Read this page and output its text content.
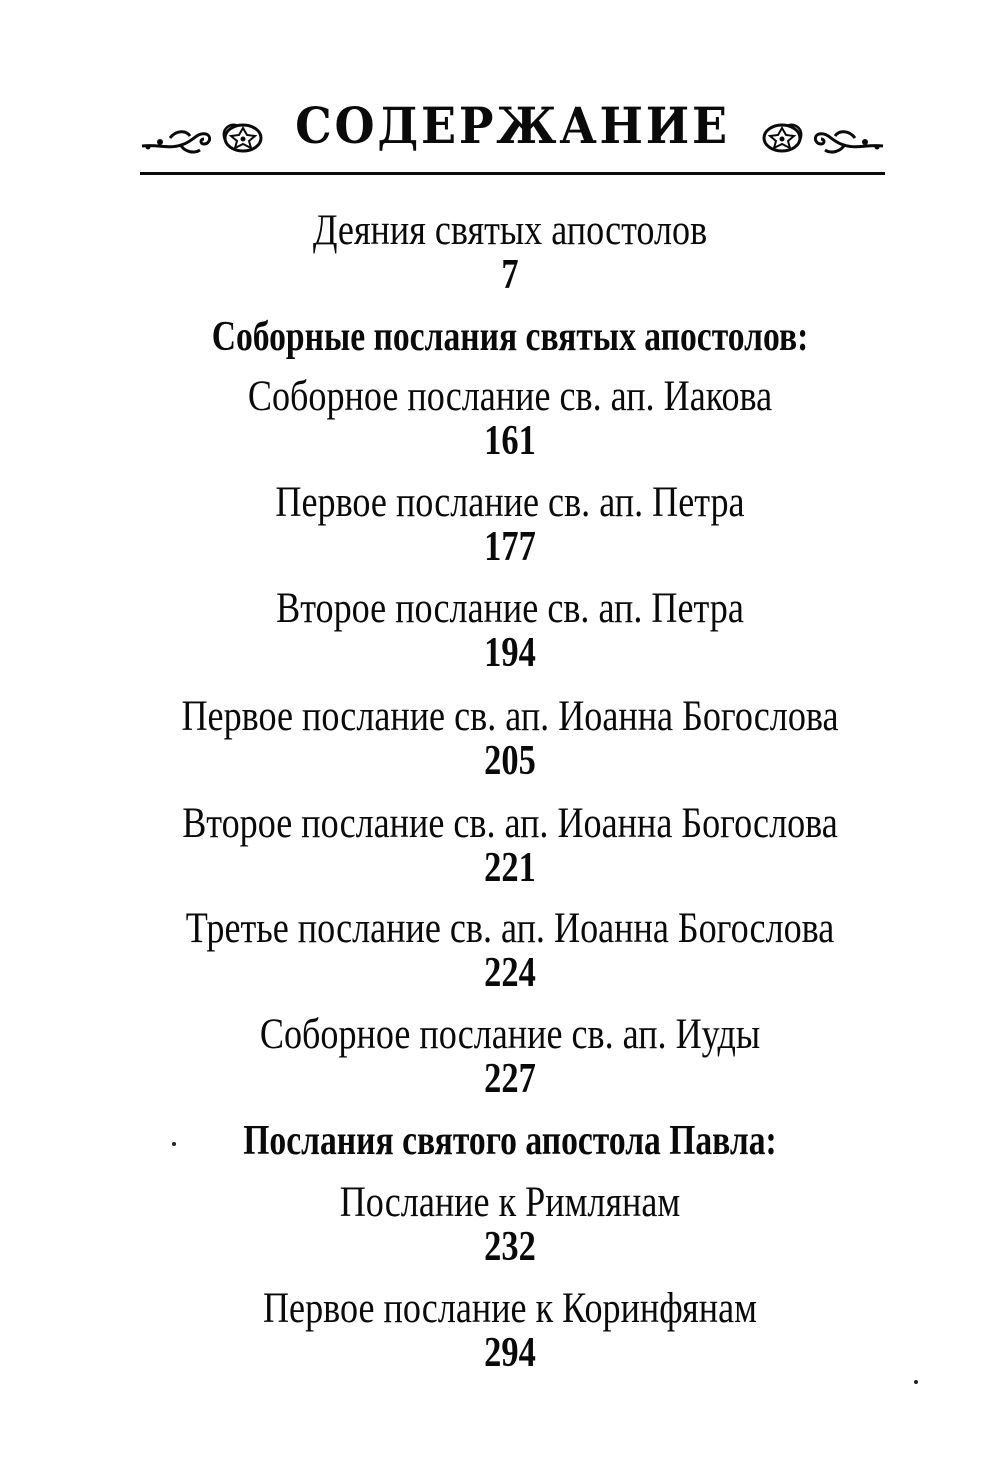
СОДЕРЖАНИЕ
Деяния святых апостолов
7
Соборные послания святых апостолов:
Соборное послание св. ап. Иакова
161
Первое послание св. ап. Петра
177
Второе послание св. ап. Петра
194
Первое послание св. ап. Иоанна Богослова
205
Второе послание св. ап. Иоанна Богослова
221
Третье послание св. ап. Иоанна Богослова
224
Соборное послание св. ап. Иуды
227
Послания святого апостола Павла:
Послание к Римлянам
232
Первое послание к Коринфянам
294
